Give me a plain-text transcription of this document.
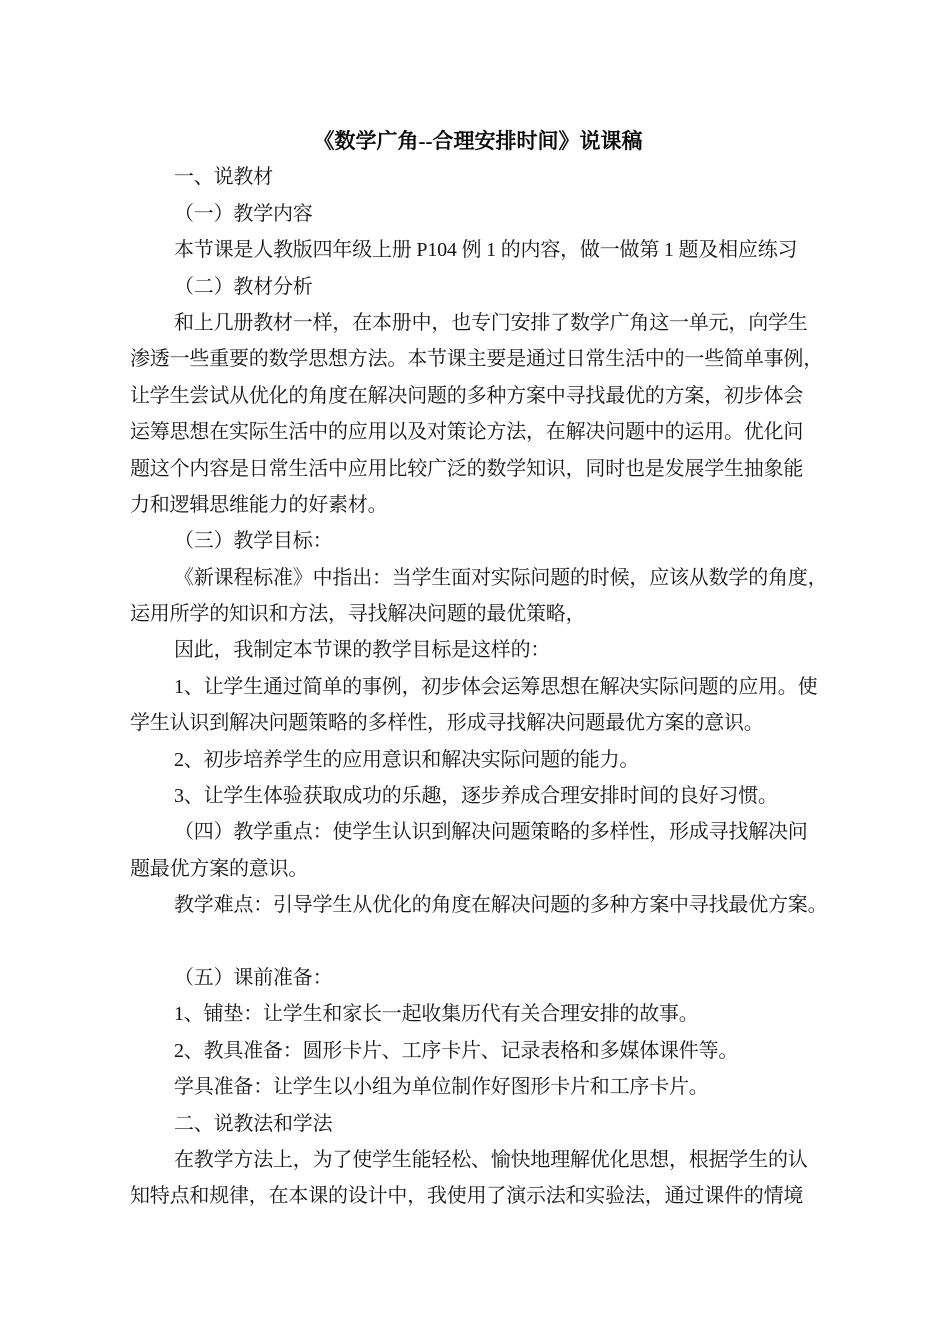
《数学广角--合理安排时间》说课稿
一、说教材
（一）教学内容
本节课是人教版四年级上册 P104 例 1 的内容，做一做第 1 题及相应练习
（二）教材分析
和上几册教材一样，在本册中，也专门安排了数学广角这一单元，向学生
渗透一些重要的数学思想方法。本节课主要是通过日常生活中的一些简单事例，
让学生尝试从优化的角度在解决问题的多种方案中寻找最优的方案，初步体会
运筹思想在实际生活中的应用以及对策论方法，在解决问题中的运用。优化问
题这个内容是日常生活中应用比较广泛的数学知识，同时也是发展学生抽象能
力和逻辑思维能力的好素材。
（三）教学目标：
《新课程标准》中指出：当学生面对实际问题的时候，应该从数学的角度，
运用所学的知识和方法，寻找解决问题的最优策略，
因此，我制定本节课的教学目标是这样的：
1、让学生通过简单的事例，初步体会运筹思想在解决实际问题的应用。使
学生认识到解决问题策略的多样性，形成寻找解决问题最优方案的意识。
2、初步培养学生的应用意识和解决实际问题的能力。
3、让学生体验获取成功的乐趣，逐步养成合理安排时间的良好习惯。
（四）教学重点：使学生认识到解决问题策略的多样性，形成寻找解决问
题最优方案的意识。
教学难点：引导学生从优化的角度在解决问题的多种方案中寻找最优方案。
（五）课前准备：
1、铺垫：让学生和家长一起收集历代有关合理安排的故事。
2、教具准备：圆形卡片、工序卡片、记录表格和多媒体课件等。
学具准备：让学生以小组为单位制作好图形卡片和工序卡片。
二、说教法和学法
在教学方法上，为了使学生能轻松、愉快地理解优化思想，根据学生的认
知特点和规律，在本课的设计中，我使用了演示法和实验法，通过课件的情境
